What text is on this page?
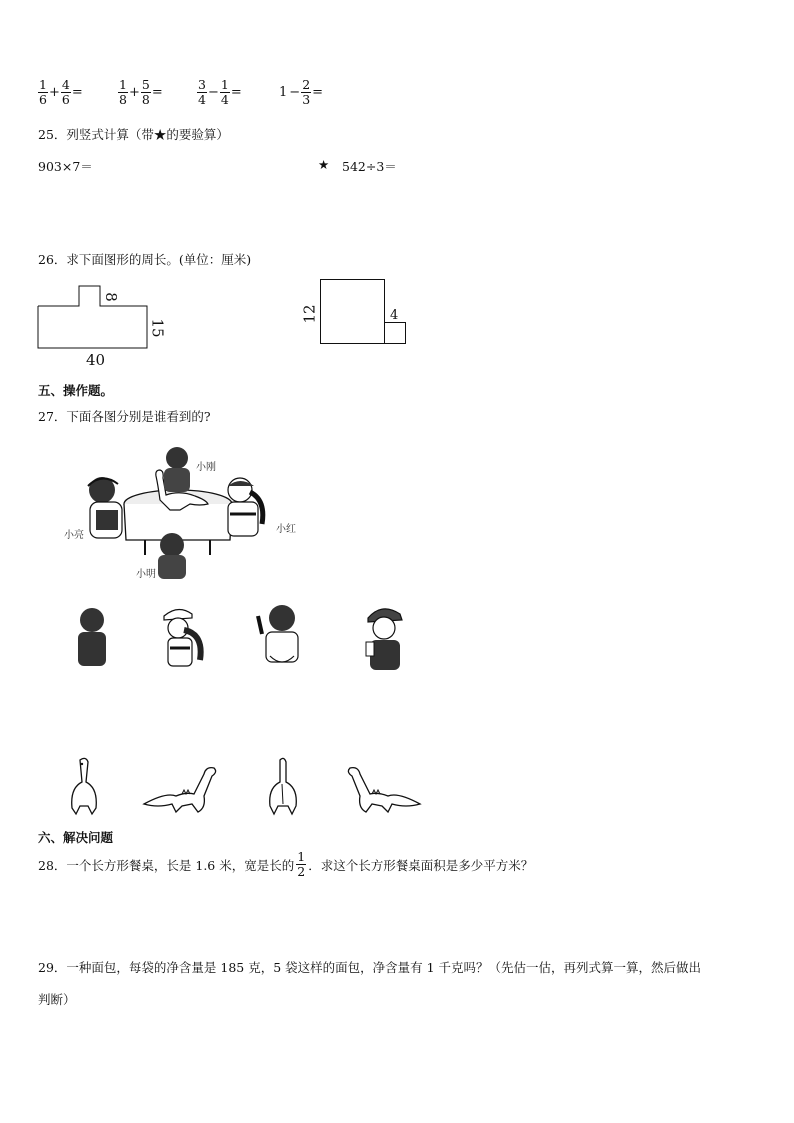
$\frac{1}{6} + \frac{4}{6}$ =	$\frac{1}{8} + \frac{5}{8}$ =	$\frac{3}{4} - \frac{1}{4}$ =	$1 - \frac{2}{3}$ =
25．列竖式计算（带★的要验算）
903×7＝	★ 542÷3＝
26．求下面图形的周长。(单位：厘米)
8
15
40
12	4
五、操作题。
27．下面各图分别是谁看到的?
小刚
小亮
小红
小明
六、解决问题
28．一个长方形餐桌，长是 1.6 米，宽是长的 $\frac{1}{2}$ ．求这个长方形餐桌面积是多少平方米？
29．一种面包，每袋的净含量是 185 克，5 袋这样的面包，净含量有 1 千克吗？（先估一估，再列式算一算，然后做出
判断）
